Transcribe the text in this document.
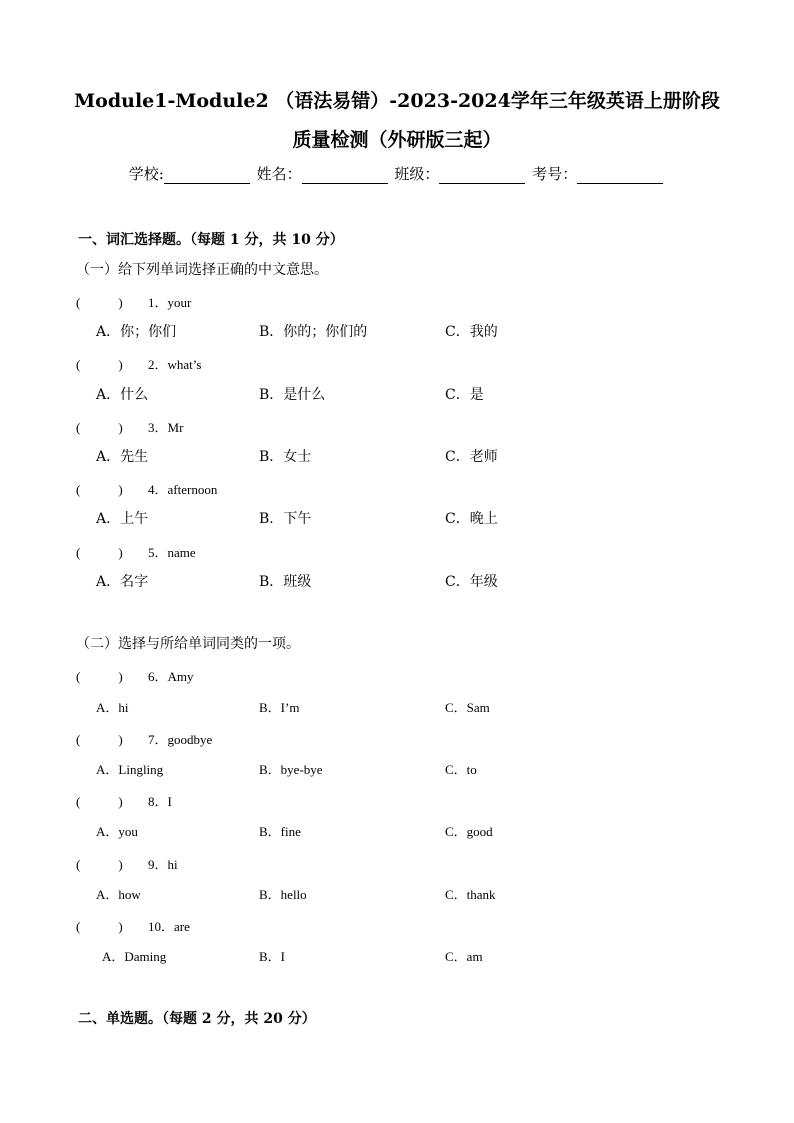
Module1-Module2 （语法易错）-2023-2024学年三年级英语上册阶段
质量检测（外研版三起）
学校:	姓名：	班级：	考号：
一、词汇选择题。（每题 1 分，共 10 分）
（一）给下列单词选择正确的中文意思。
(	) 1．your
A．你；你们	B．你的；你们的	C．我的
(	) 2．what’s
A．什么	B．是什么	C．是
(	) 3．Mr
A．先生	B．女士	C．老师
(	) 4．afternoon
A．上午	B．下午	C．晚上
(	) 5．name
A．名字	B．班级	C．年级
（二）选择与所给单词同类的一项。
(	) 6．Amy
A．hi	B．I’m	C．Sam
(	) 7．goodbye
A．Lingling	B．bye-bye	C．to
(	) 8．I
A．you	B．fine	C．good
(	) 9．hi
A．how	B．hello	C．thank
(	) 10．are
A．Daming	B．I	C．am
二、单选题。（每题 2 分，共 20 分）
